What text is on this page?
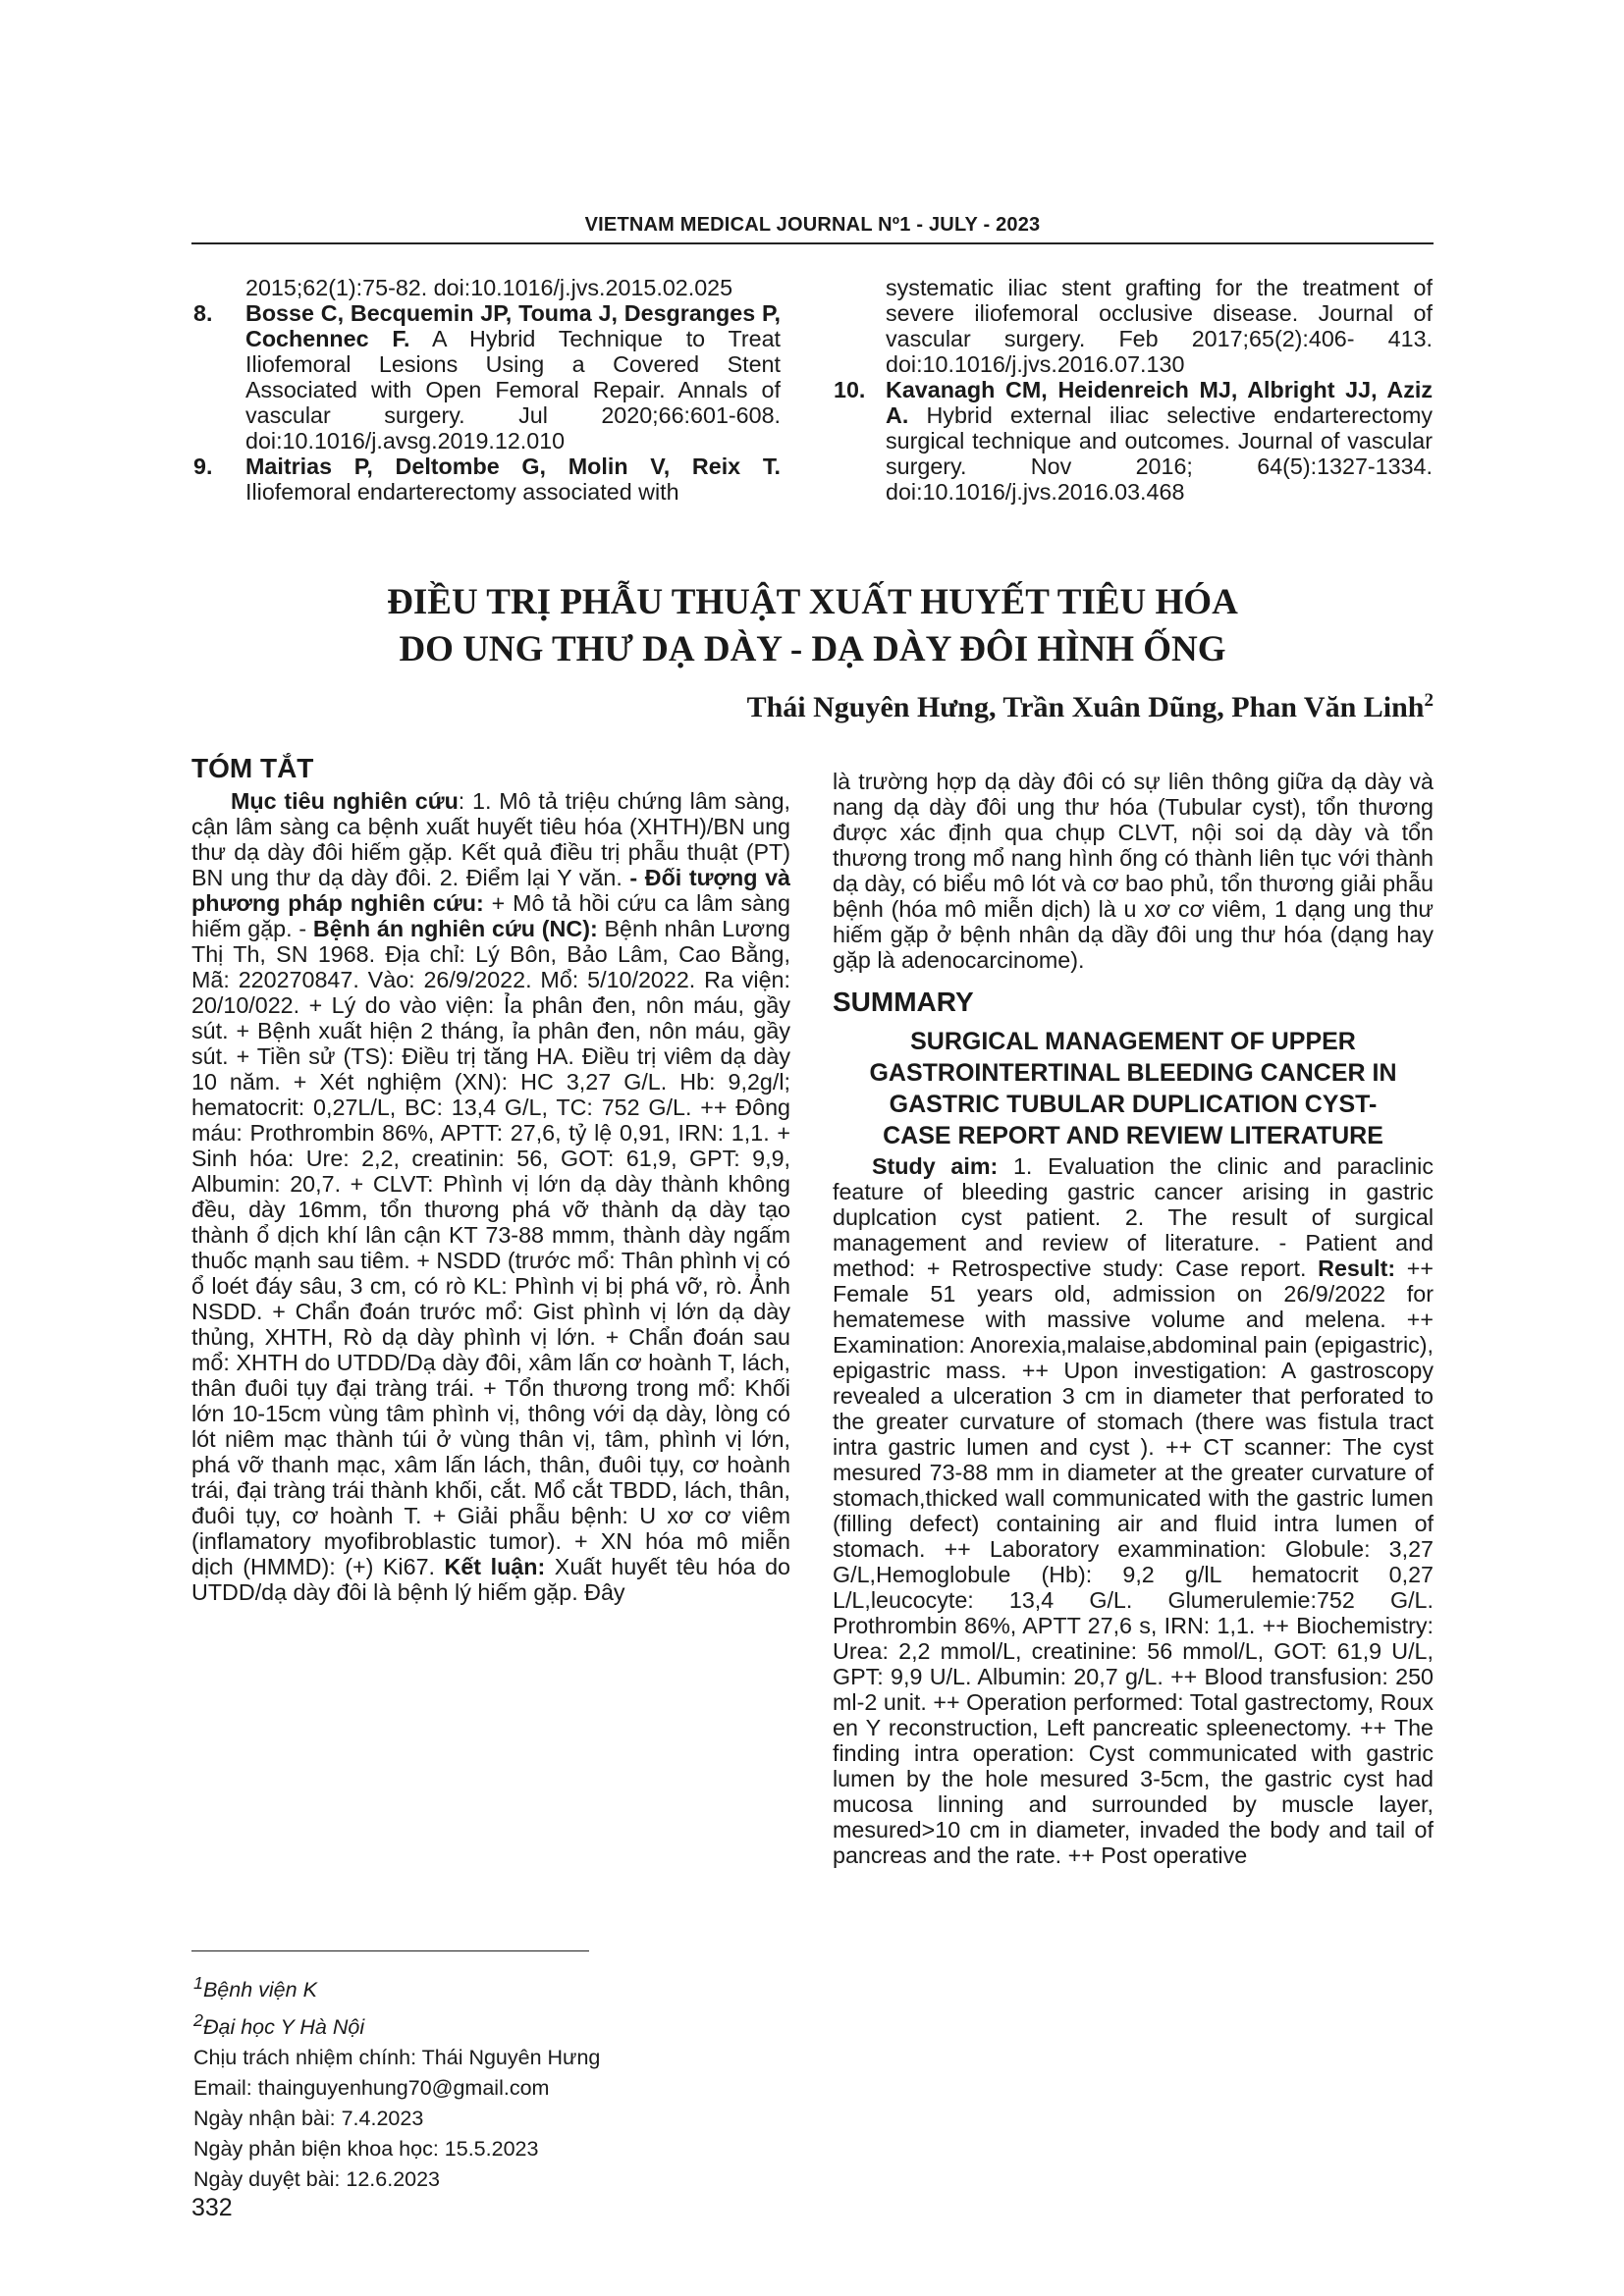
VIETNAM MEDICAL JOURNAL Nº1 - JULY - 2023

2015;62(1):75-82. doi:10.1016/j.jvs.2015.02.025

8. Bosse C, Becquemin JP, Touma J, Desgranges P, Cochennec F. A Hybrid Technique to Treat Iliofemoral Lesions Using a Covered Stent Associated with Open Femoral Repair. Annals of vascular surgery. Jul 2020;66:601-608. doi:10.1016/j.avsg.2019.12.010

9. Maitrias P, Deltombe G, Molin V, Reix T. Iliofemoral endarterectomy associated with

systematic iliac stent grafting for the treatment of severe iliofemoral occlusive disease. Journal of vascular surgery. Feb 2017;65(2):406- 413. doi:10.1016/j.jvs.2016.07.130

10. Kavanagh CM, Heidenreich MJ, Albright JJ, Aziz A. Hybrid external iliac selective endarterectomy surgical technique and outcomes. Journal of vascular surgery. Nov 2016; 64(5):1327-1334. doi:10.1016/j.jvs.2016.03.468

ĐIỀU TRỊ PHẪU THUẬT XUẤT HUYẾT TIÊU HÓA
DO UNG THƯ DẠ DÀY - DẠ DÀY ĐÔI HÌNH ỐNG
Thái Nguyên Hưng, Trần Xuân Dũng, Phan Văn Linh$^2$
TÓM TẮT

Mục tiêu nghiên cứu: 1. Mô tả triệu chứng lâm sàng, cận lâm sàng ca bệnh xuất huyết tiêu hóa (XHTH)/BN ung thư dạ dày đôi hiếm gặp. Kết quả điều trị phẫu thuật (PT) BN ung thư dạ dày đôi. 2. Điểm lại Y văn. - Đối tượng và phương pháp nghiên cứu: + Mô tả hồi cứu ca lâm sàng hiếm gặp. - Bệnh án nghiên cứu (NC): Bệnh nhân Lương Thị Th, SN 1968. Địa chỉ: Lý Bôn, Bảo Lâm, Cao Bằng, Mã: 220270847. Vào: 26/9/2022. Mổ: 5/10/2022. Ra viện: 20/10/022. + Lý do vào viện: Ỉa phân đen, nôn máu, gầy sút. + Bệnh xuất hiện 2 tháng, ỉa phân đen, nôn máu, gầy sút. + Tiền sử (TS): Điều trị tăng HA. Điều trị viêm dạ dày 10 năm. + Xét nghiệm (XN): HC 3,27 G/L. Hb: 9,2g/l; hematocrit: 0,27L/L, BC: 13,4 G/L, TC: 752 G/L. ++ Đông máu: Prothrombin 86%, APTT: 27,6, tỷ lệ 0,91, IRN: 1,1. + Sinh hóa: Ure: 2,2, creatinin: 56, GOT: 61,9, GPT: 9,9, Albumin: 20,7. + CLVT: Phình vị lớn dạ dày thành không đều, dày 16mm, tổn thương phá vỡ thành dạ dày tạo thành ổ dịch khí lân cận KT 73-88 mmm, thành dày ngấm thuốc mạnh sau tiêm. + NSDD (trước mổ: Thân phình vị có ổ loét đáy sâu, 3 cm, có rò KL: Phình vị bị phá vỡ, rò. Ảnh NSDD. + Chẩn đoán trước mổ: Gist phình vị lớn dạ dày thủng, XHTH, Rò dạ dày phình vị lớn. + Chẩn đoán sau mổ: XHTH do UTDD/Dạ dày đôi, xâm lấn cơ hoành T, lách, thân đuôi tụy đại tràng trái. + Tổn thương trong mổ: Khối lớn 10-15cm vùng tâm phình vị, thông với dạ dày, lòng có lót niêm mạc thành túi ở vùng thân vị, tâm, phình vị lớn, phá vỡ thanh mạc, xâm lấn lách, thân, đuôi tụy, cơ hoành trái, đại tràng trái thành khối, cắt. Mổ cắt TBDD, lách, thân, đuôi tụy, cơ hoành T. + Giải phẫu bệnh: U xơ cơ viêm (inflamatory myofibroblastic tumor). + XN hóa mô miễn dịch (HMMD): (+) Ki67. Kết luận: Xuất huyết têu hóa do UTDD/dạ dày đôi là bệnh lý hiếm gặp. Đây

là trường hợp dạ dày đôi có sự liên thông giữa dạ dày và nang dạ dày đôi ung thư hóa (Tubular cyst), tổn thương được xác định qua chụp CLVT, nội soi dạ dày và tổn thương trong mổ nang hình ống có thành liên tục với thành dạ dày, có biểu mô lót và cơ bao phủ, tổn thương giải phẫu bệnh (hóa mô miễn dịch) là u xơ cơ viêm, 1 dạng ung thư hiếm gặp ở bệnh nhân dạ dầy đôi ung thư hóa (dạng hay gặp là adenocarcinome).

SUMMARY
SURGICAL MANAGEMENT OF UPPER GASTROINTERTINAL BLEEDING CANCER IN GASTRIC TUBULAR DUPLICATION CYST-CASE REPORT AND REVIEW LITERATURE

Study aim: 1. Evaluation the clinic and paraclinic feature of bleeding gastric cancer arising in gastric duplcation cyst patient. 2. The result of surgical management and review of literature. - Patient and method: + Retrospective study: Case report. Result: ++ Female 51 years old, admission on 26/9/2022 for hematemese with massive volume and melena. ++ Examination: Anorexia,malaise,abdominal pain (epigastric), epigastric mass. ++ Upon investigation: A gastroscopy revealed a ulceration 3 cm in diameter that perforated to the greater curvature of stomach (there was fistula tract intra gastric lumen and cyst ). ++ CT scanner: The cyst mesured 73-88 mm in diameter at the greater curvature of stomach,thicked wall communicated with the gastric lumen (filling defect) containing air and fluid intra lumen of stomach. ++ Laboratory exammination: Globule: 3,27 G/L,Hemoglobule (Hb): 9,2 g/lL hematocrit 0,27 L/L,leucocyte: 13,4 G/L. Glumerulemie:752 G/L. Prothrombin 86%, APTT 27,6 s, IRN: 1,1. ++ Biochemistry: Urea: 2,2 mmol/L, creatinine: 56 mmol/L, GOT: 61,9 U/L, GPT: 9,9 U/L. Albumin: 20,7 g/L. ++ Blood transfusion: 250 ml-2 unit. ++ Operation performed: Total gastrectomy, Roux en Y reconstruction, Left pancreatic spleenectomy. ++ The finding intra operation: Cyst communicated with gastric lumen by the hole mesured 3-5cm, the gastric cyst had mucosa linning and surrounded by muscle layer, mesured>10 cm in diameter, invaded the body and tail of pancreas and the rate. ++ Post operative

$^1$Bệnh viện K

$^2$Đại học Y Hà Nội

Chịu trách nhiệm chính: Thái Nguyên Hưng

Email: thainguyenhung70@gmail.com

Ngày nhận bài: 7.4.2023

Ngày phản biện khoa học: 15.5.2023

Ngày duyệt bài: 12.6.2023

332
